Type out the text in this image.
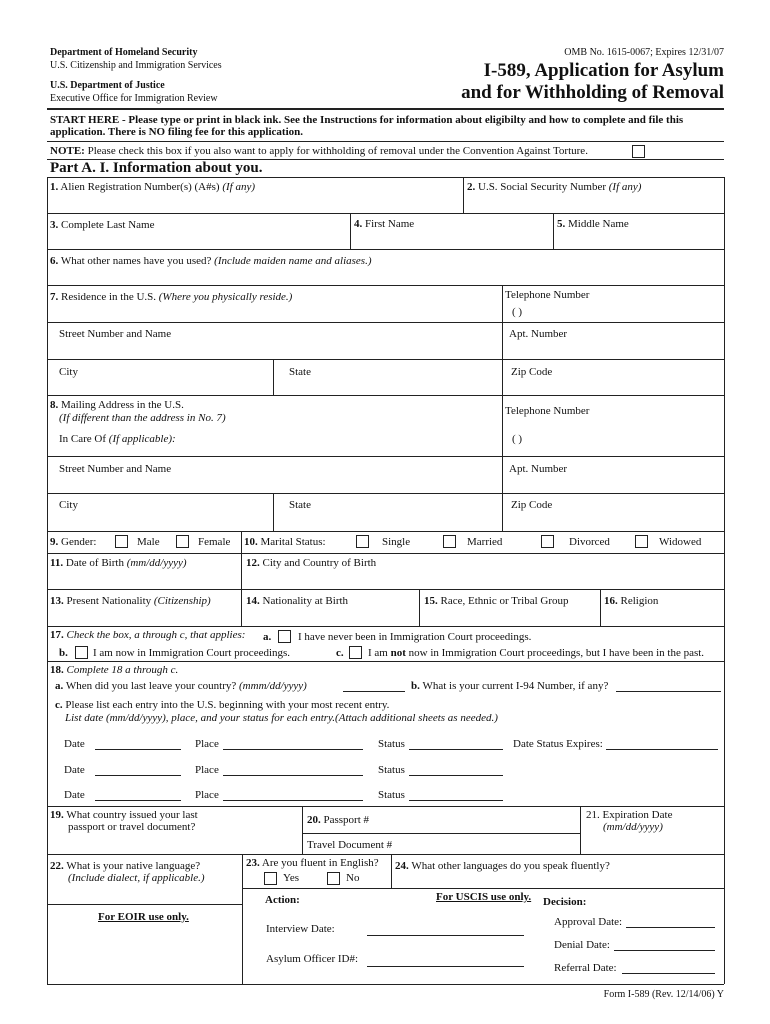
Department of Homeland Security
U.S. Citizenship and Immigration Services
U.S. Department of Justice
Executive Office for Immigration Review
OMB No. 1615-0067; Expires 12/31/07
I-589, Application for Asylum
and for Withholding of Removal
START HERE - Please type or print in black ink. See the Instructions for information about eligibilty and how to complete and file this
application. There is NO filing fee for this application.
NOTE: Please check this box if you also want to apply for withholding of removal under the Convention Against Torture.
Part A. I. Information about you.
1. Alien Registration Number(s) (A#s) (If any)	2. U.S. Social Security Number (If any)
3. Complete Last Name	4. First Name	5. Middle Name
6. What other names have you used? (Include maiden name and aliases.)
7. Residence in the U.S. (Where you physically reside.)	Telephone Number
( )
Street Number and Name	Apt. Number
City	State	Zip Code
8. Mailing Address in the U.S.
(If different than the address in No. 7)
In Care Of (If applicable):
Telephone Number
( )
Street Number and Name	Apt. Number
City	State	Zip Code
9. Gender:	Male	Female 10. Marital Status:	Single	Married	Divorced	Widowed
11. Date of Birth (mm/dd/yyyy)	12. City and Country of Birth
13. Present Nationality (Citizenship)	14. Nationality at Birth	15. Race, Ethnic or Tribal Group	16. Religion
17. Check the box, a through c, that applies: a. I have never been in Immigration Court proceedings.
b. I am now in Immigration Court proceedings.	c. I am not now in Immigration Court proceedings, but I have been in the past.
18. Complete 18 a through c.
a. When did you last leave your country? (mmm/dd/yyyy)	b. What is your current I-94 Number, if any?
c. Please list each entry into the U.S. beginning with your most recent entry.
List date (mm/dd/yyyy), place, and your status for each entry.(Attach additional sheets as needed.)
Date	Place	Status	Date Status Expires:
Date	Place	Status
Date	Place	Status
19. What country issued your last
passport or travel document?
20. Passport #
Travel Document #
21. Expiration Date
(mm/dd/yyyy)
22. What is your native language?
(Include dialect, if applicable.)
23. Are you fluent in English?
Yes	No
24. What other languages do you speak fluently?
For EOIR use only.
Action:	For USCIS use only. Decision:
Interview Date:
Asylum Officer ID#:
Approval Date:
Denial Date:
Referral Date:
Form I-589 (Rev. 12/14/06) Y
